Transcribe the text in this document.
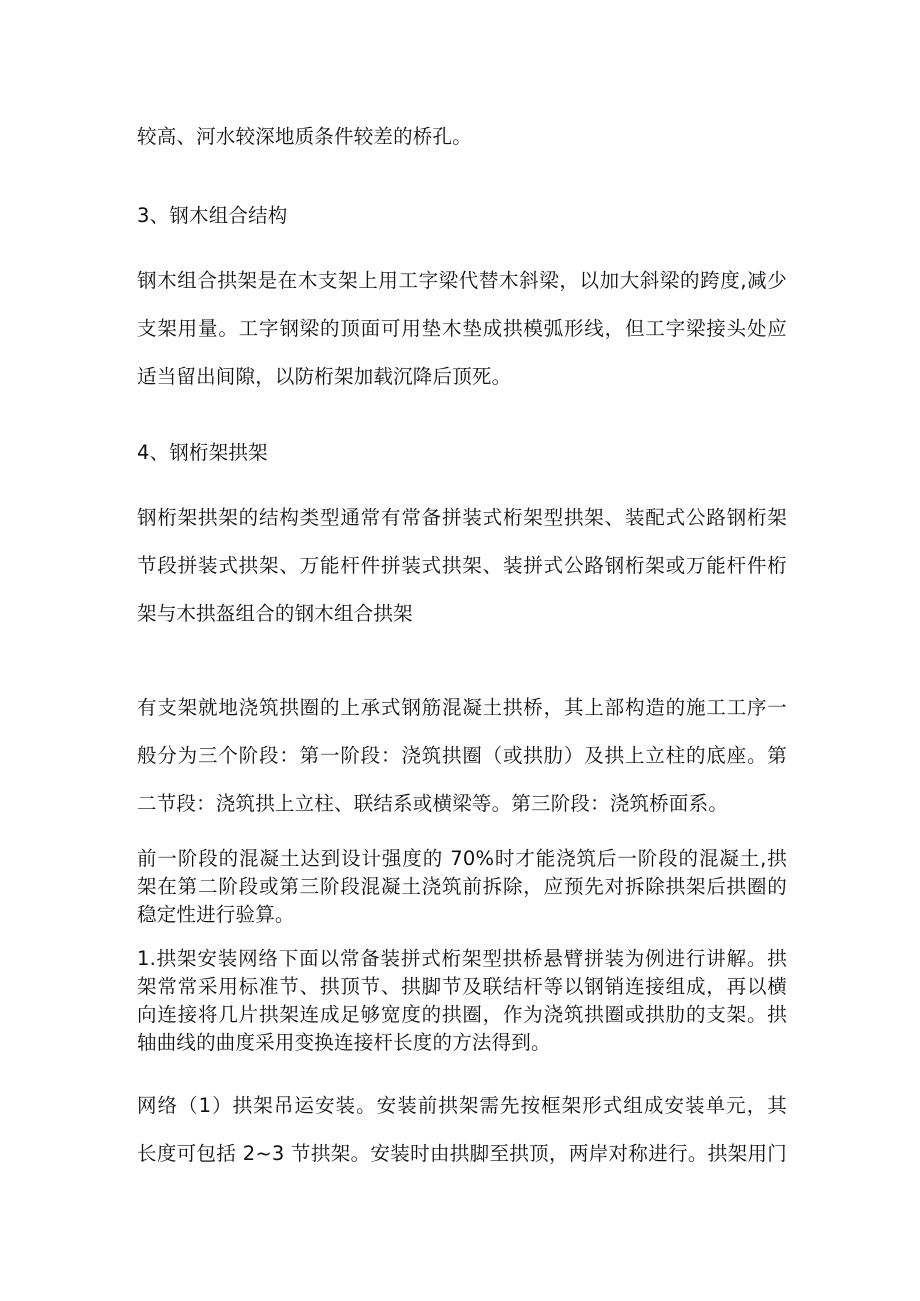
较高、河水较深地质条件较差的桥孔。
3、钢木组合结构
钢木组合拱架是在木支架上用工字梁代替木斜梁，以加大斜梁的跨度,减少
支架用量。工字钢梁的顶面可用垫木垫成拱模弧形线，但工字梁接头处应
适当留出间隙，以防桁架加载沉降后顶死。
4、钢桁架拱架
钢桁架拱架的结构类型通常有常备拼装式桁架型拱架、装配式公路钢桁架
节段拼装式拱架、万能杆件拼装式拱架、装拼式公路钢桁架或万能杆件桁
架与木拱盔组合的钢木组合拱架
有支架就地浇筑拱圈的上承式钢筋混凝土拱桥，其上部构造的施工工序一
般分为三个阶段：第一阶段：浇筑拱圈（或拱肋）及拱上立柱的底座。第
二节段：浇筑拱上立柱、联结系或横梁等。第三阶段：浇筑桥面系。
前一阶段的混凝土达到设计强度的 70%时才能浇筑后一阶段的混凝土,拱
架在第二阶段或第三阶段混凝土浇筑前拆除，应预先对拆除拱架后拱圈的
稳定性进行验算。
1.拱架安装网络下面以常备装拼式桁架型拱桥悬臂拼装为例进行讲解。拱
架常常采用标准节、拱顶节、拱脚节及联结杆等以钢销连接组成，再以横
向连接将几片拱架连成足够宽度的拱圈，作为浇筑拱圈或拱肋的支架。拱
轴曲线的曲度采用变换连接杆长度的方法得到。
网络（1）拱架吊运安装。安装前拱架需先按框架形式组成安装单元，其
长度可包括 2~3 节拱架。安装时由拱脚至拱顶，两岸对称进行。拱架用门
